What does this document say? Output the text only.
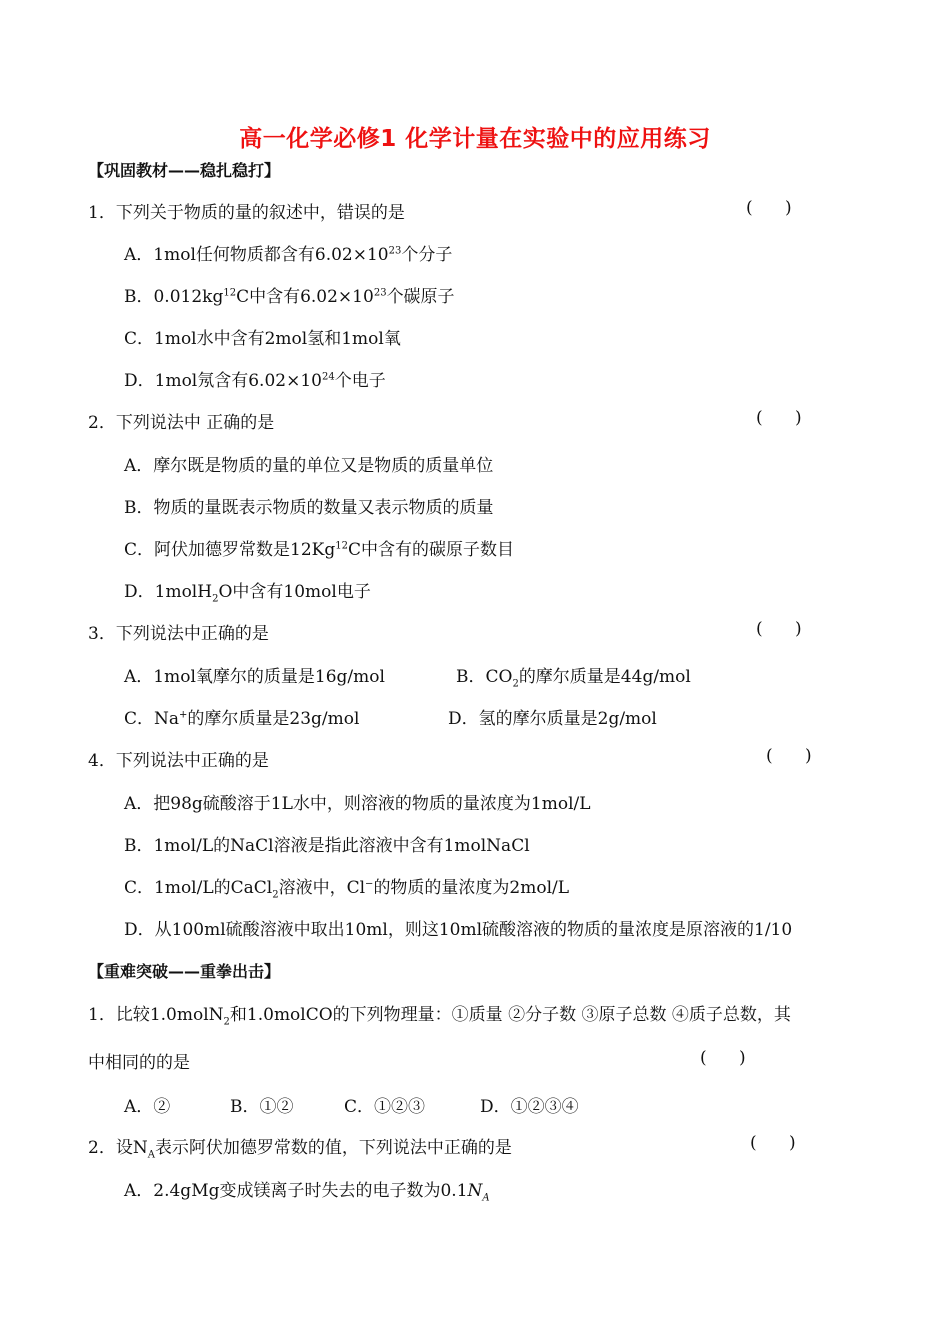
高一化学必修1 化学计量在实验中的应用练习
【巩固教材——稳扎稳打】
1．下列关于物质的量的叙述中，错误的是	(      )
A．1mol任何物质都含有$6.02\times 10^{23}$个分子
B．$0.012kg^{12}C$中含有$6.02\times 10^{23}$个碳原子
C．1mol水中含有2mol氢和1mol氧
D．1mol氖含有$6.02\times 10^{24}$个电子
2．下列说法中 正确的是	(      )
A．摩尔既是物质的量的单位又是物质的质量单位
B．物质的量既表示物质的数量又表示物质的质量
C．阿伏加德罗常数是12Kg$^{12}$C中含有的碳原子数目
D．1molH$_2$O中含有10mol电子
3．下列说法中正确的是	(      )
A．1mol氧摩尔的质量是16g/mol	B．$CO_2$的摩尔质量是44g/mol
C．Na+的摩尔质量是23g/mol	D．氢的摩尔质量是2g/mol
4．下列说法中正确的是	(      )
A．把98g硫酸溶于1L水中，则溶液的物质的量浓度为1mol/L
B．1mol/L的NaCl溶液是指此溶液中含有1molNaCl
C．1mol/L的CaCl$_2$溶液中，Cl−的物质的量浓度为2mol/L
D．从100ml硫酸溶液中取出10ml，则这10ml硫酸溶液的物质的量浓度是原溶液的1/10
【重难突破——重拳出击】
1．比较1.0molN$_2$和1.0molCO的下列物理量：①质量 ②分子数 ③原子总数 ④质子总数，其
中相同的的是	(      )
A．②	B．①②	C．①②③	D．①②③④
2．设$N_A$表示阿伏加德罗常数的值，下列说法中正确的是	(      )
A．2.4gMg变成镁离子时失去的电子数为$0.1N_A$
